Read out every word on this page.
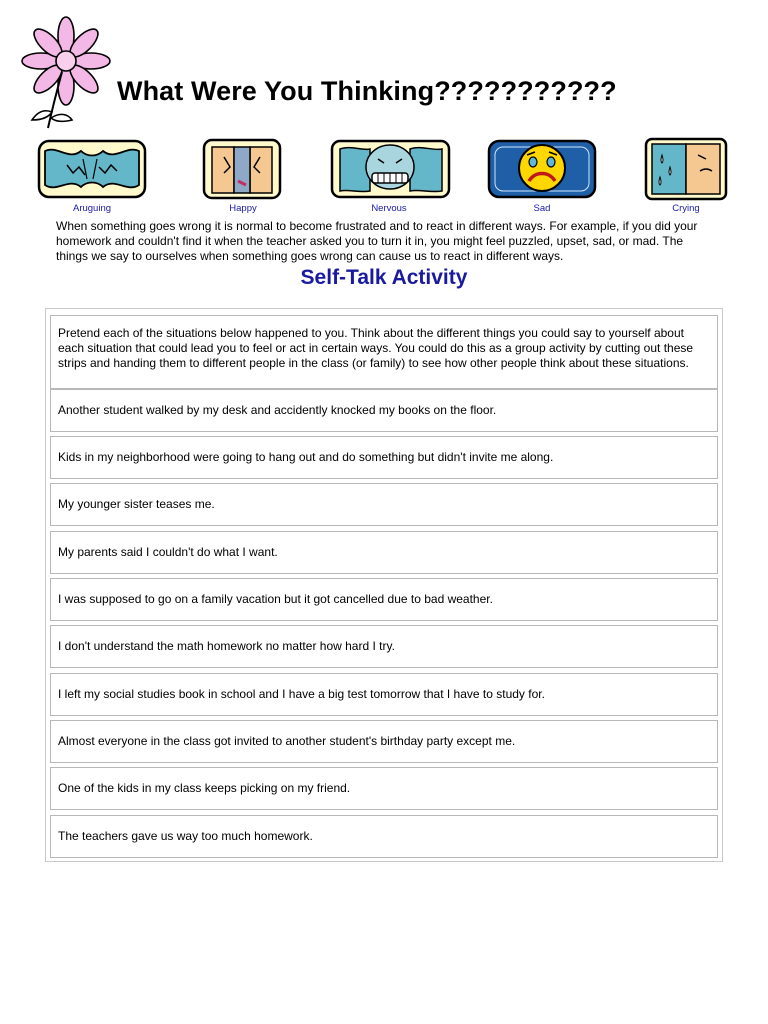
What Were You Thinking???????????
Aruguing	Happy	Nervous	Sad	Crying

When something goes wrong it is normal to become frustrated and to react in different ways. For example, if you did your homework and couldn't find it when the teacher asked you to turn it in, you might feel puzzled, upset, sad, or mad. The things we say to ourselves when something goes wrong can cause us to react in different ways.

Self-Talk Activity
Pretend each of the situations below happened to you. Think about the different things you could say to yourself about each situation that could lead you to feel or act in certain ways. You could do this as a group activity by cutting out these strips and handing them to different people in the class (or family) to see how other people think about these situations.
Another student walked by my desk and accidently knocked my books on the floor.
Kids in my neighborhood were going to hang out and do something but didn't invite me along.
My younger sister teases me.
My parents said I couldn't do what I want.
I was supposed to go on a family vacation but it got cancelled due to bad weather.
I don't understand the math homework no matter how hard I try.
I left my social studies book in school and I have a big test tomorrow that I have to study for.
Almost everyone in the class got invited to another student's birthday party except me.
One of the kids in my class keeps picking on my friend.
The teachers gave us way too much homework.
